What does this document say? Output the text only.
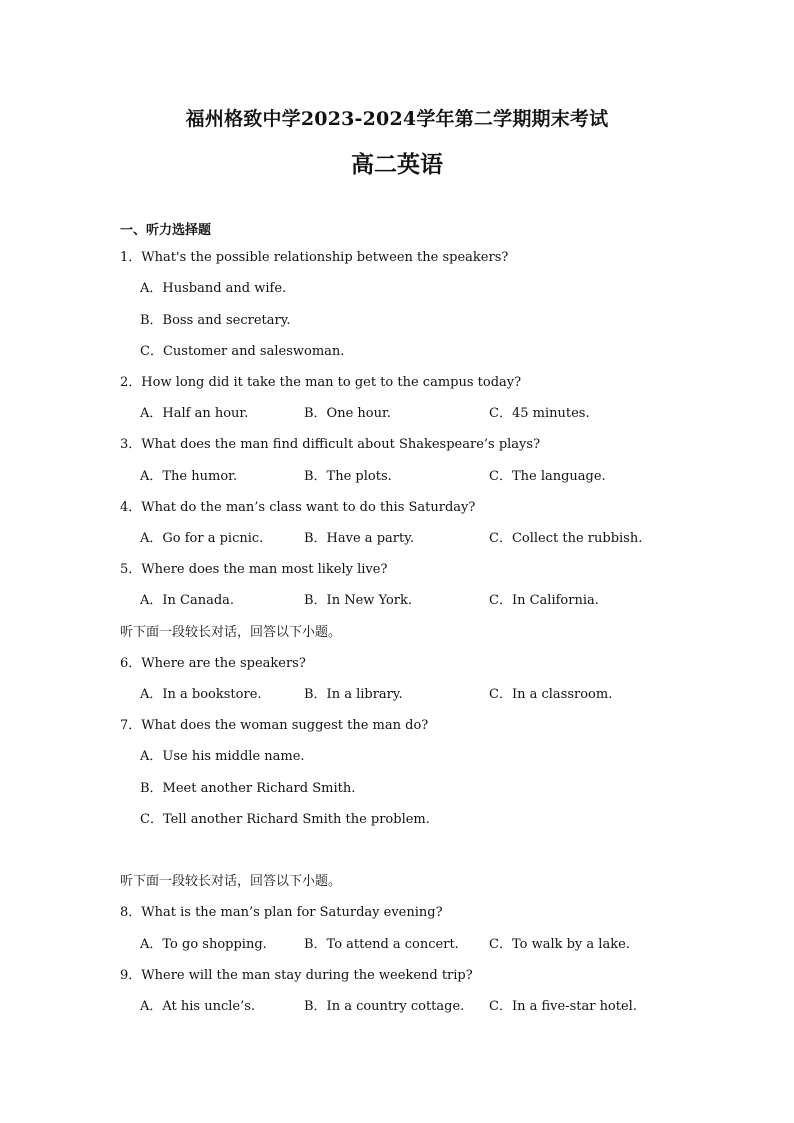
福州格致中学2023-2024学年第二学期期末考试
高二英语
一、听力选择题
1．What's the possible relationship between the speakers?
A．Husband and wife.
B．Boss and secretary.
C．Customer and saleswoman.
2．How long did it take the man to get to the campus today?
A．Half an hour.	B．One hour.	C．45 minutes.
3．What does the man find difficult about Shakespeare’s plays?
A．The humor.	B．The plots.	C．The language.
4．What do the man’s class want to do this Saturday?
A．Go for a picnic.	B．Have a party.	C．Collect the rubbish.
5．Where does the man most likely live?
A．In Canada.	B．In New York.	C．In California.
听下面一段较长对话，回答以下小题。
6．Where are the speakers?
A．In a bookstore.	B．In a library.	C．In a classroom.
7．What does the woman suggest the man do?
A．Use his middle name.
B．Meet another Richard Smith.
C．Tell another Richard Smith the problem.
听下面一段较长对话，回答以下小题。
8．What is the man’s plan for Saturday evening?
A．To go shopping.	B．To attend a concert. C．To walk by a lake.
9．Where will the man stay during the weekend trip?
A．At his uncle’s.	B．In a country cottage. C．In a five-star hotel.
